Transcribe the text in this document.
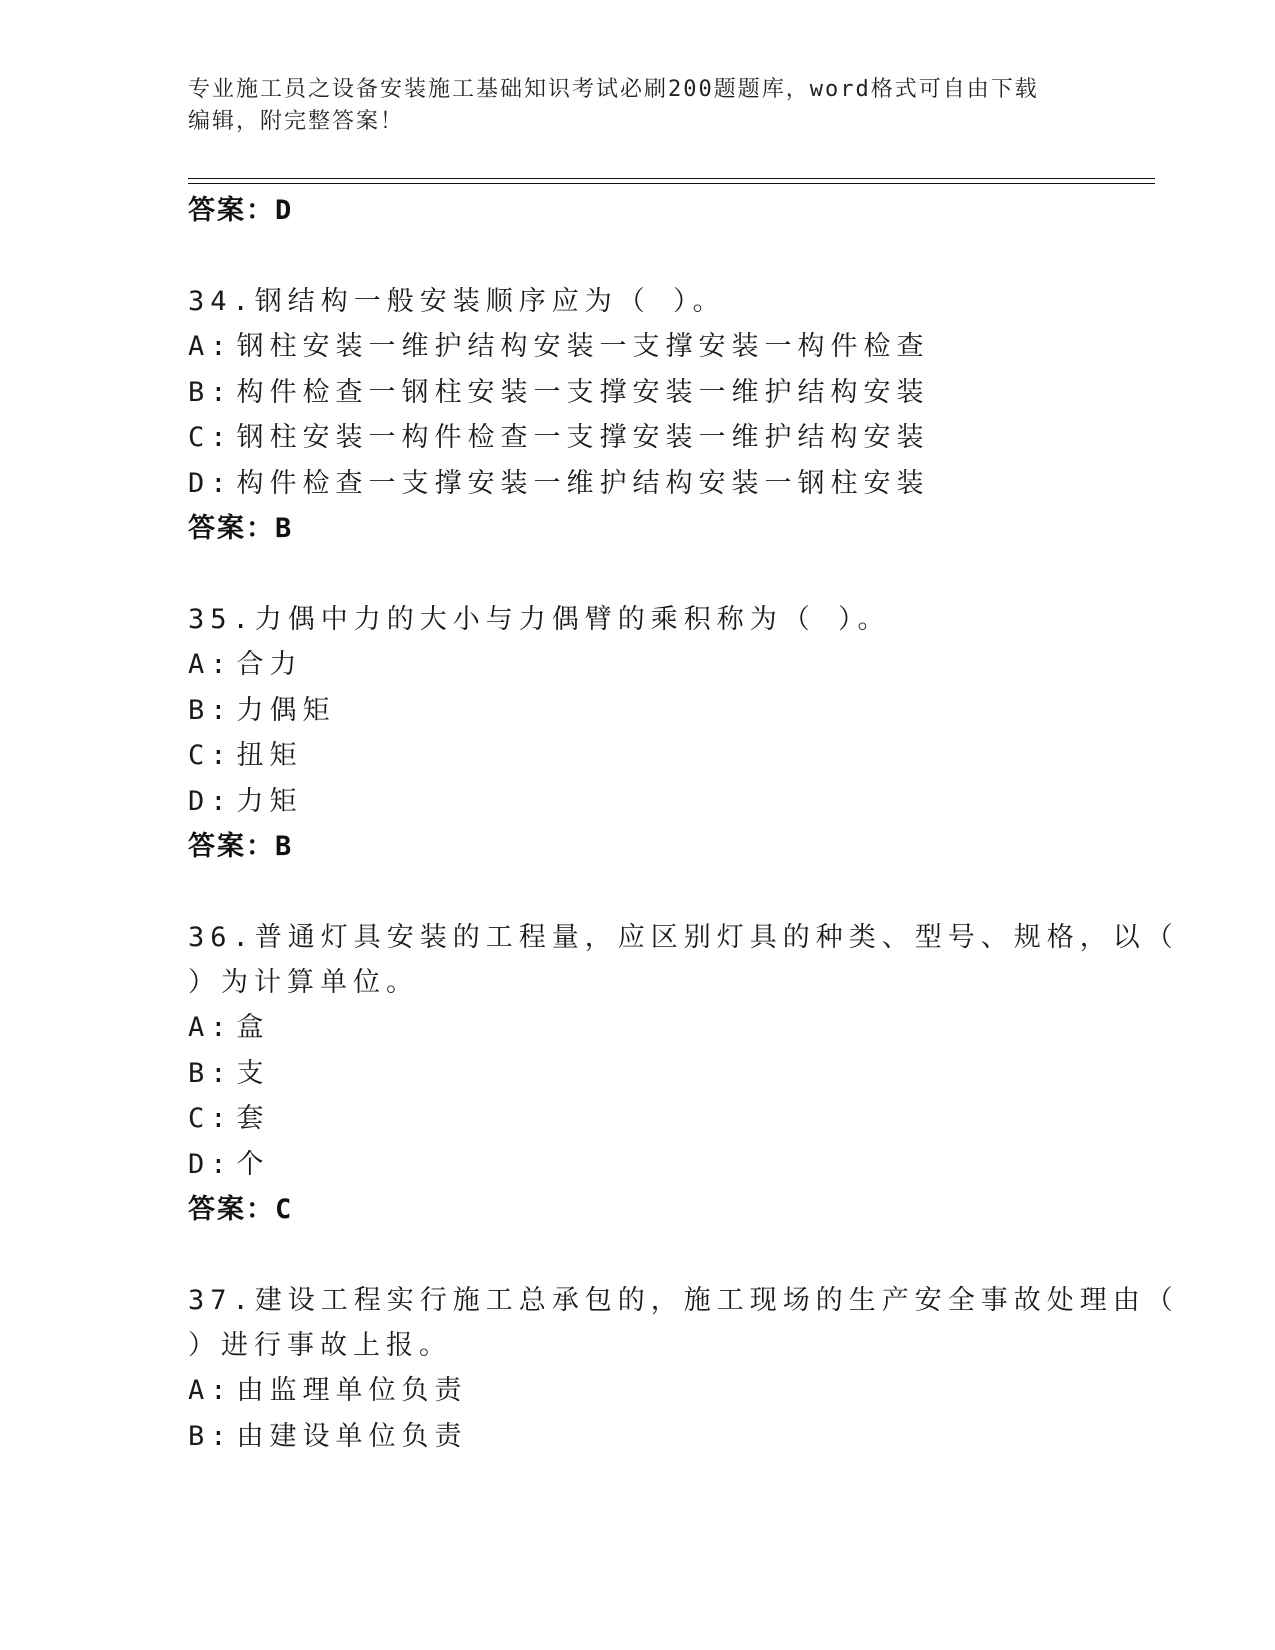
专业施工员之设备安装施工基础知识考试必刷200题题库，word格式可自由下载
编辑，附完整答案！
答案：D
34.钢结构一般安装顺序应为（ ）。
A: 钢柱安装一维护结构安装一支撑安装一构件检查
B: 构件检查一钢柱安装一支撑安装一维护结构安装
C: 钢柱安装一构件检查一支撑安装一维护结构安装
D: 构件检查一支撑安装一维护结构安装一钢柱安装
答案：B
35.力偶中力的大小与力偶臂的乘积称为（ ）。
A: 合力
B: 力偶矩
C: 扭矩
D: 力矩
答案：B
36.普通灯具安装的工程量，应区别灯具的种类、型号、规格，以（
）为计算单位。
A: 盒
B: 支
C: 套
D: 个
答案：C
37.建设工程实行施工总承包的，施工现场的生产安全事故处理由（
）进行事故上报。
A: 由监理单位负责
B: 由建设单位负责
